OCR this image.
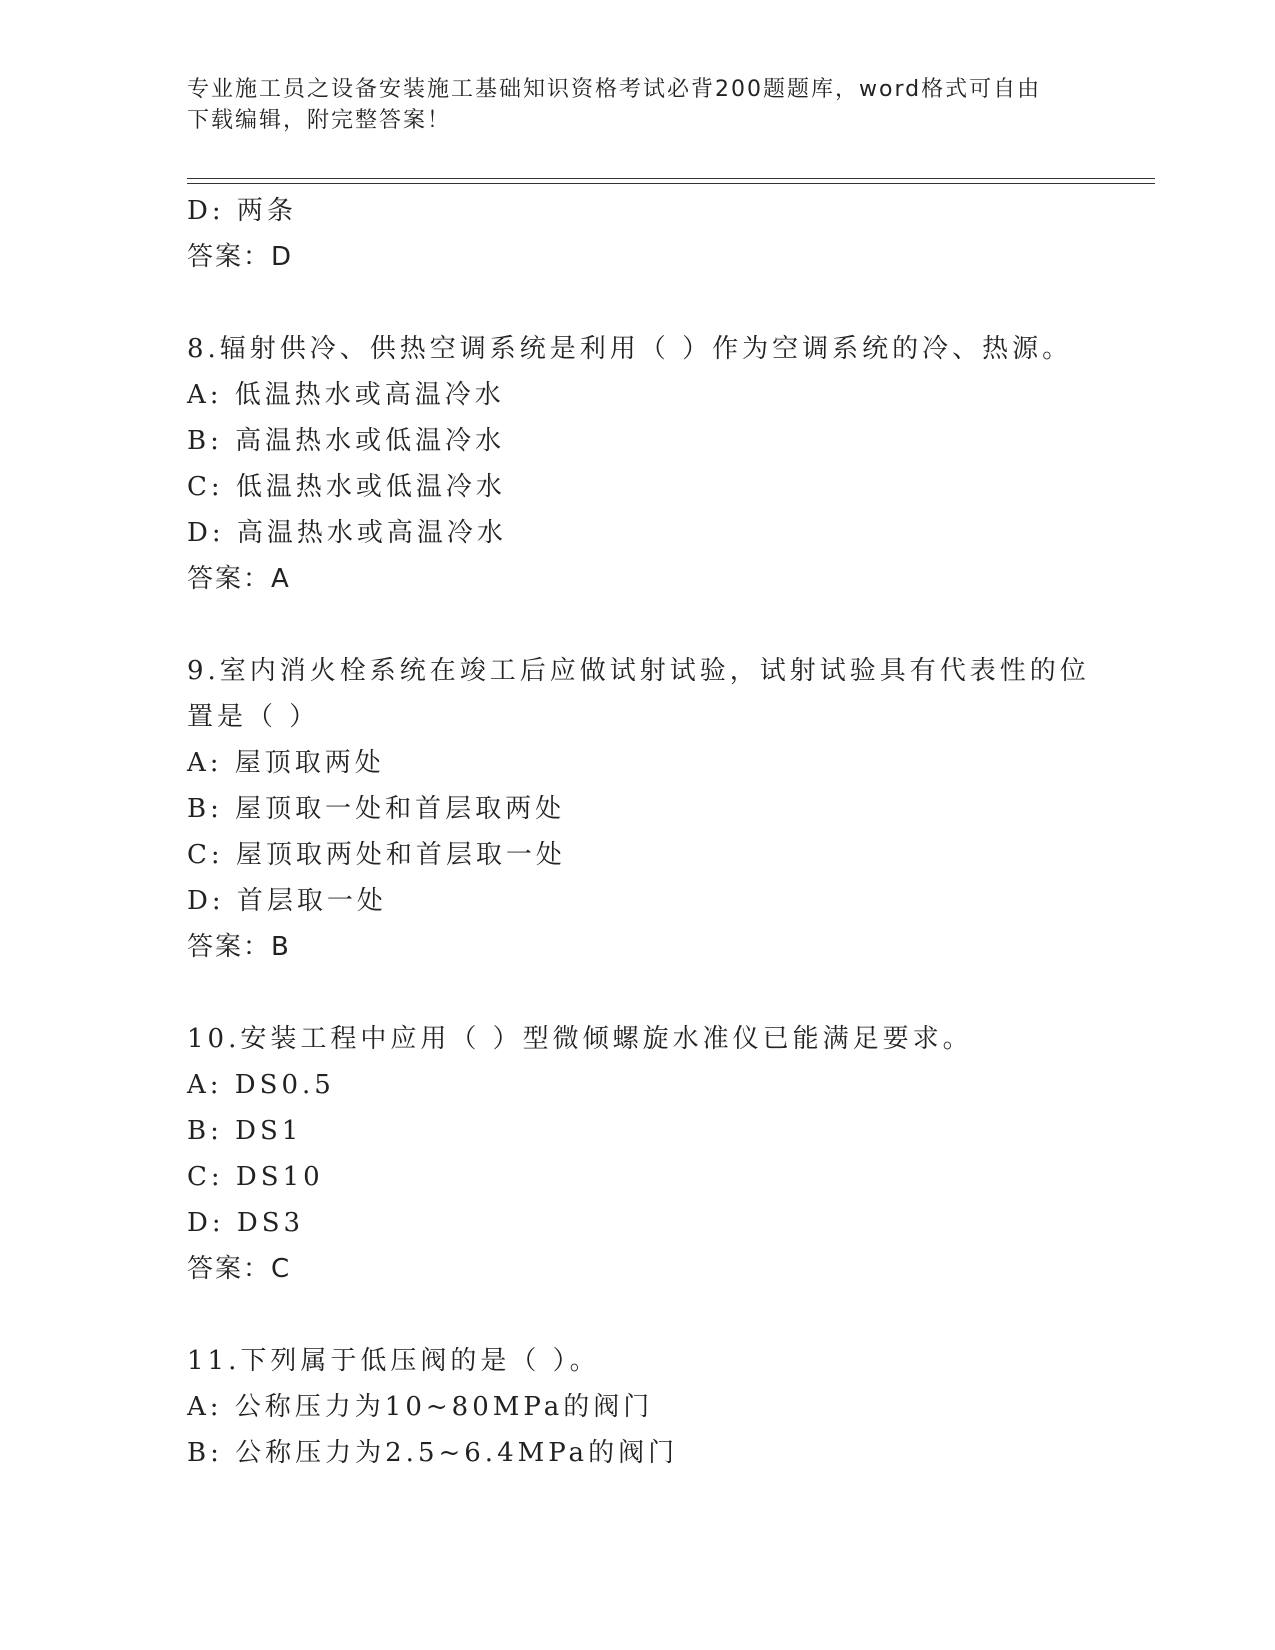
专业施工员之设备安装施工基础知识资格考试必背200题题库，word格式可自由
下载编辑，附完整答案！
D: 两条
答案：D
8.辐射供冷、供热空调系统是利用（ ）作为空调系统的冷、热源。
A: 低温热水或高温冷水
B: 高温热水或低温冷水
C: 低温热水或低温冷水
D: 高温热水或高温冷水
答案：A
9.室内消火栓系统在竣工后应做试射试验，试射试验具有代表性的位
置是（ ）
A: 屋顶取两处
B: 屋顶取一处和首层取两处
C: 屋顶取两处和首层取一处
D: 首层取一处
答案：B
10.安装工程中应用（ ）型微倾螺旋水准仪已能满足要求。
A: DS0.5
B: DS1
C: DS10
D: DS3
答案：C
11.下列属于低压阀的是（ ）。
A: 公称压力为10~80MPa的阀门
B: 公称压力为2.5~6.4MPa的阀门
